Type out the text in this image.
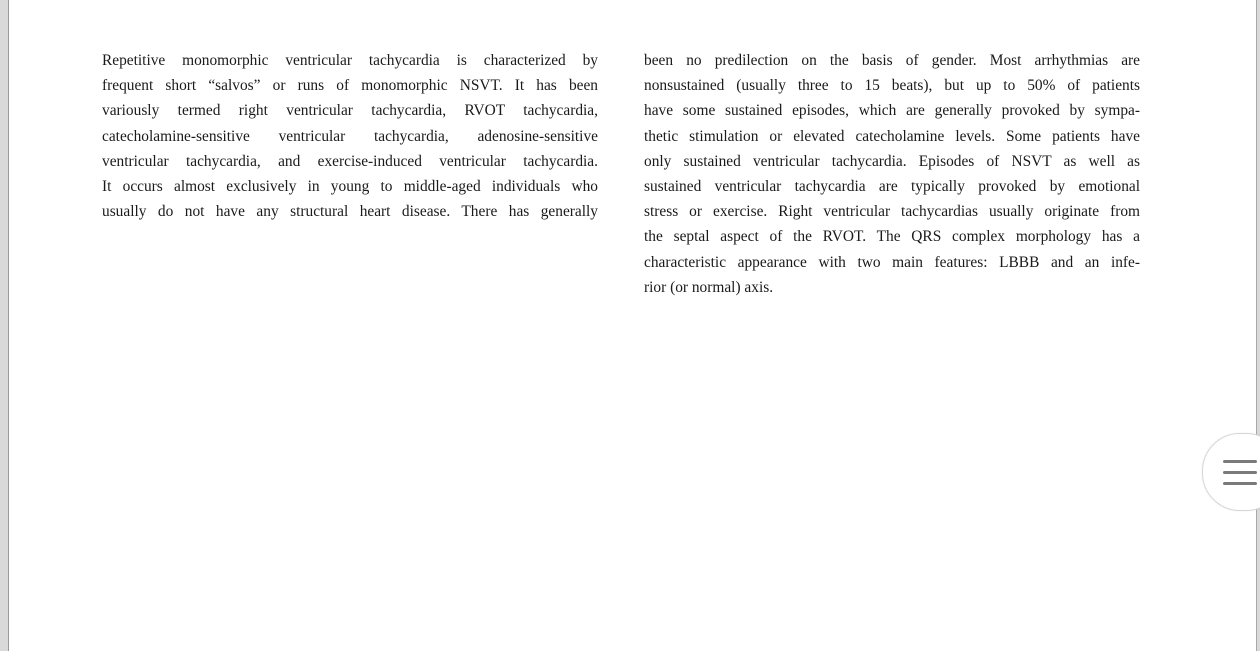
Repetitive monomorphic ventricular tachycardia is characterized by
frequent short “salvos” or runs of monomorphic NSVT. It has been
variously termed right ventricular tachycardia, RVOT tachycardia,
catecholamine-sensitive ventricular tachycardia, adenosine-sensitive
ventricular tachycardia, and exercise-induced ventricular tachycardia.
It occurs almost exclusively in young to middle-aged individuals who
usually do not have any structural heart disease. There has generally
been no predilection on the basis of gender. Most arrhythmias are
nonsustained (usually three to 15 beats), but up to 50% of patients
have some sustained episodes, which are generally provoked by sympa-
thetic stimulation or elevated catecholamine levels. Some patients have
only sustained ventricular tachycardia. Episodes of NSVT as well as
sustained ventricular tachycardia are typically provoked by emotional
stress or exercise. Right ventricular tachycardias usually originate from
the septal aspect of the RVOT. The QRS complex morphology has a
characteristic appearance with two main features: LBBB and an infe-
rior (or normal) axis.
